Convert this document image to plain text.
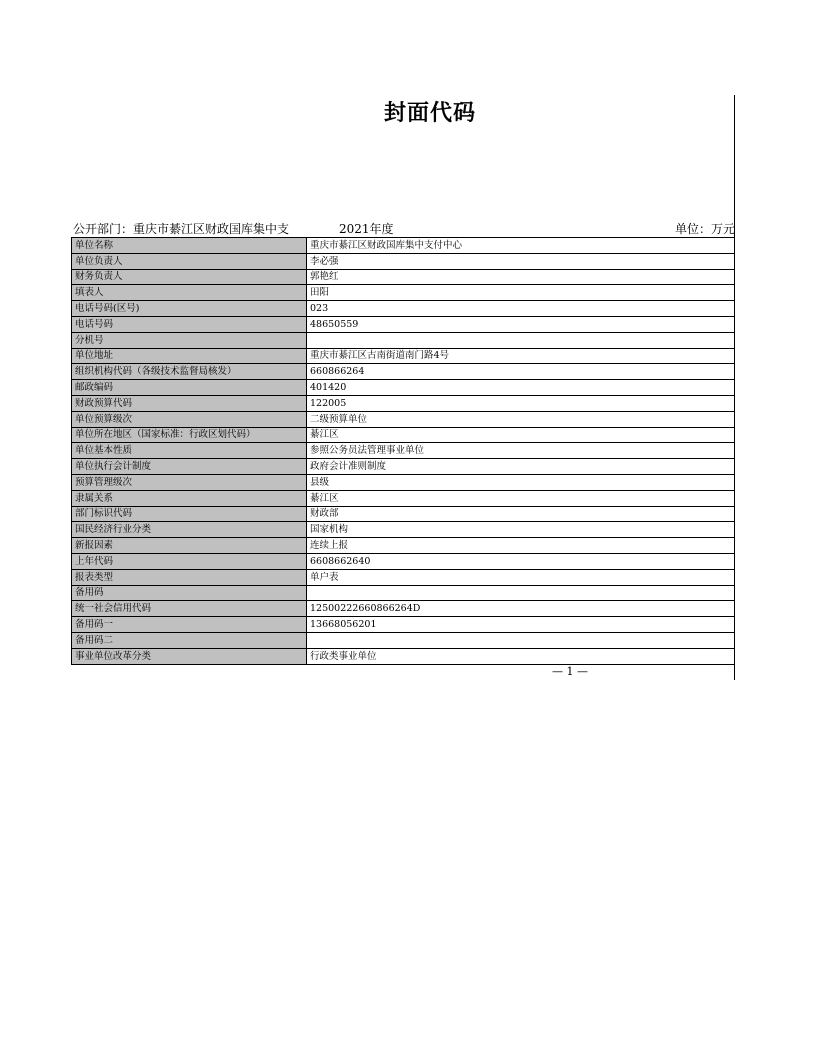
封面代码
公开部门：重庆市綦江区财政国库集中支	2021年度	单位：万元
单位名称	重庆市綦江区财政国库集中支付中心
单位负责人	李必强
财务负责人	郭艳红
填表人	田阳
电话号码(区号)	023
电话号码	48650559
分机号	
单位地址	重庆市綦江区古南街道南门路4号
组织机构代码（各级技术监督局核发）	660866264
邮政编码	401420
财政预算代码	122005
单位预算级次	二级预算单位
单位所在地区（国家标准：行政区划代码）	綦江区
单位基本性质	参照公务员法管理事业单位
单位执行会计制度	政府会计准则制度
预算管理级次	县级
隶属关系	綦江区
部门标识代码	财政部
国民经济行业分类	国家机构
新报因素	连续上报
上年代码	6608662640
报表类型	单户表
备用码	
统一社会信用代码	12500222660866264D
备用码一	13668056201
备用码二	
事业单位改革分类	行政类事业单位
— 1 —
